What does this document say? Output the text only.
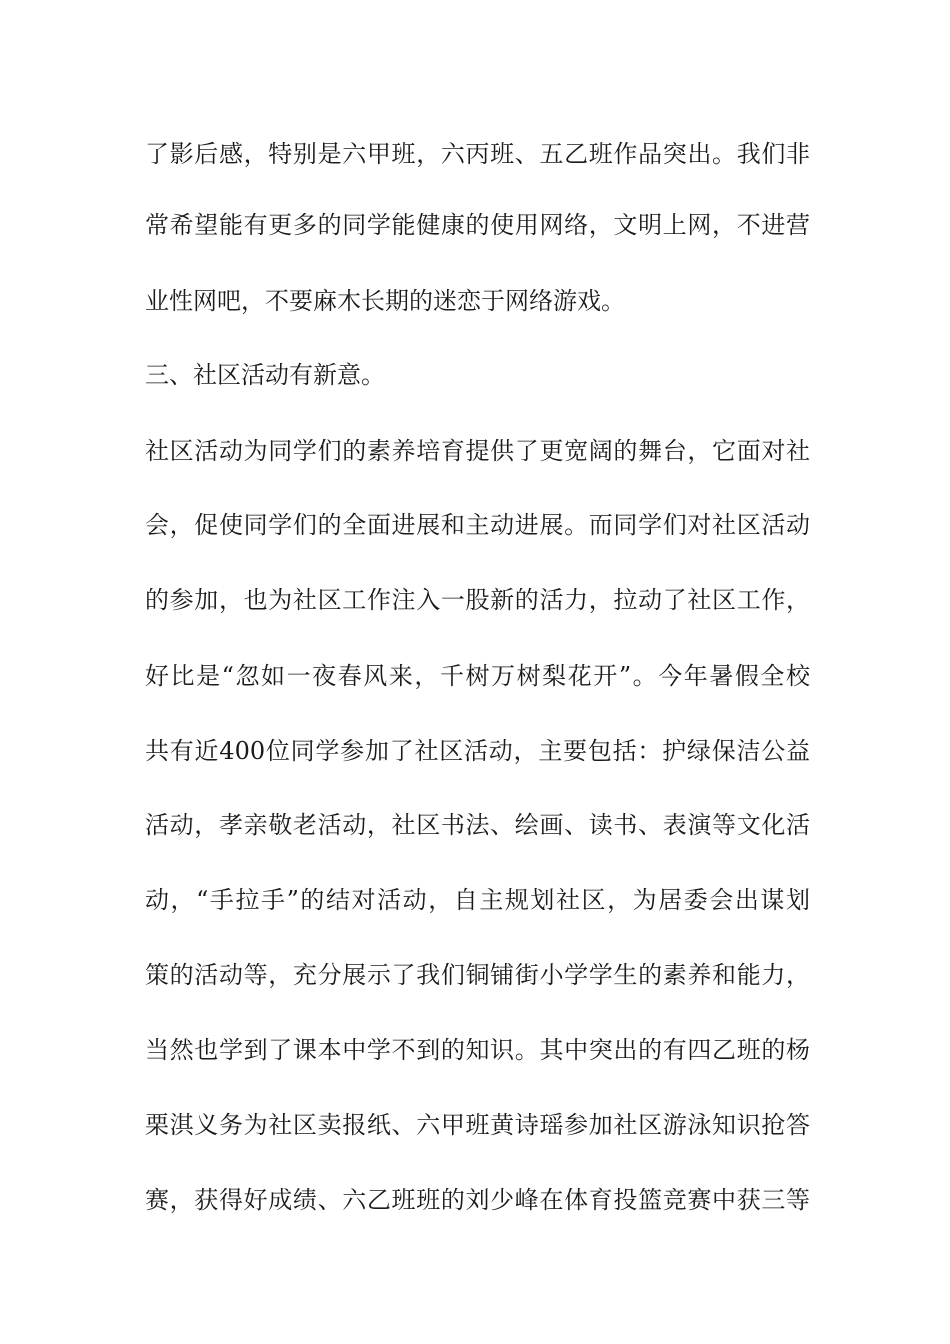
了影后感，特别是六甲班，六丙班、五乙班作品突出。我们非
常希望能有更多的同学能健康的使用网络，文明上网，不进营
业性网吧，不要麻木长期的迷恋于网络游戏。
三、社区活动有新意。
社区活动为同学们的素养培育提供了更宽阔的舞台，它面对社
会，促使同学们的全面进展和主动进展。而同学们对社区活动
的参加，也为社区工作注入一股新的活力，拉动了社区工作，
好比是“忽如一夜春风来，千树万树梨花开”。今年暑假全校
共有近400位同学参加了社区活动，主要包括：护绿保洁公益
活动，孝亲敬老活动，社区书法、绘画、读书、表演等文化活
动，“手拉手”的结对活动，自主规划社区，为居委会出谋划
策的活动等，充分展示了我们铜铺街小学学生的素养和能力，
当然也学到了课本中学不到的知识。其中突出的有四乙班的杨
栗淇义务为社区卖报纸、六甲班黄诗瑶参加社区游泳知识抢答
赛，获得好成绩、六乙班班的刘少峰在体育投篮竞赛中获三等
